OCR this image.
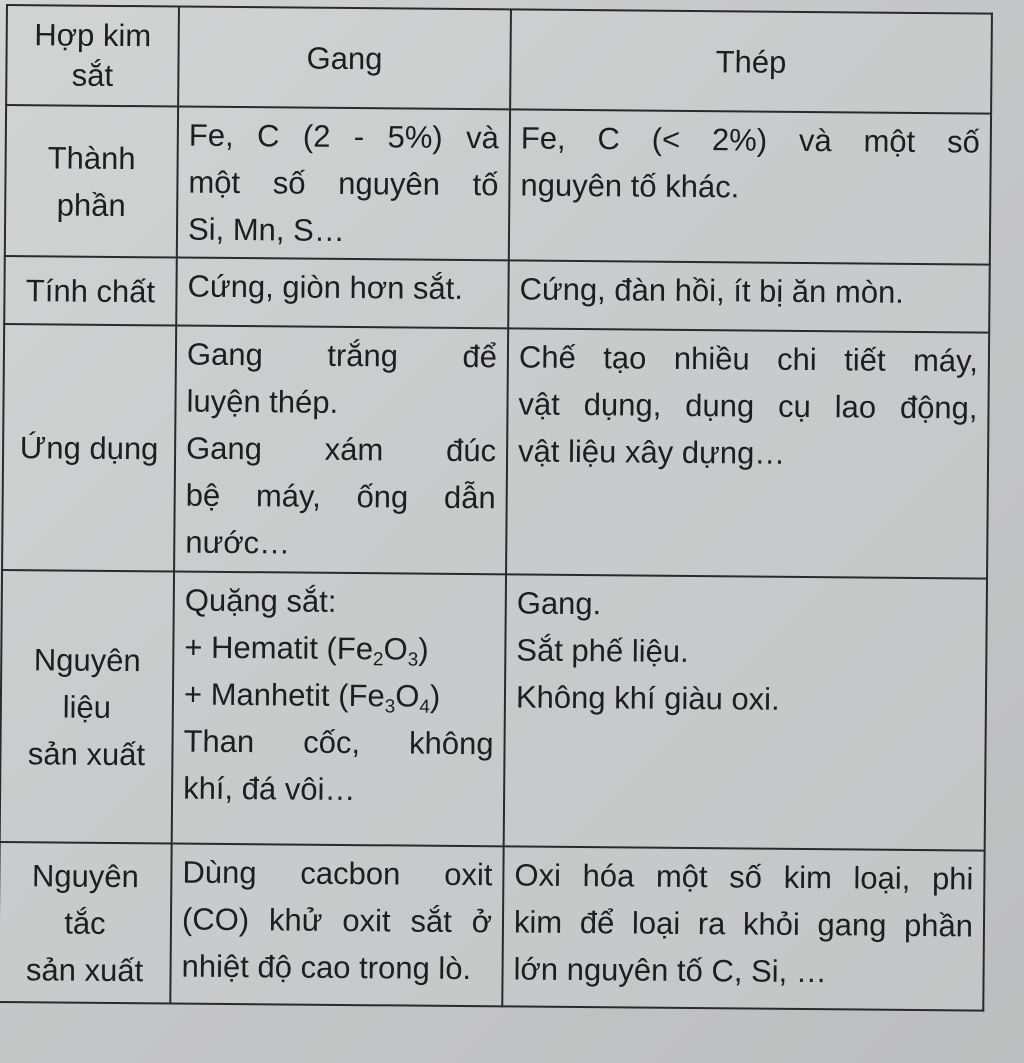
Hợp kim
sắt	Gang	Thép

Thành
phần	Fe, C (2 - 5%) và
một số nguyên tố
Si, Mn, S…	Fe, C (< 2%) và một số
nguyên tố khác.

Tính chất	Cứng, giòn hơn sắt.	Cứng, đàn hồi, ít bị ăn mòn.

Ứng dụng	Gang trắng để
luyện thép.
Gang xám đúc
bệ máy, ống dẫn
nước…	Chế tạo nhiều chi tiết máy,
vật dụng, dụng cụ lao động,
vật liệu xây dựng…

Nguyên
liệu
sản xuất	Quặng sắt:
+ Hematit $(Fe_2O_3)$
+ Manhetit $(Fe_3O_4)$
Than cốc, không
khí, đá vôi…	Gang.
Sắt phế liệu.
Không khí giàu oxi.

Nguyên
tắc
sản xuất	Dùng cacbon oxit
(CO) khử oxit sắt ở
nhiệt độ cao trong lò.	Oxi hóa một số kim loại, phi
kim để loại ra khỏi gang phần
lớn nguyên tố C, Si, …
